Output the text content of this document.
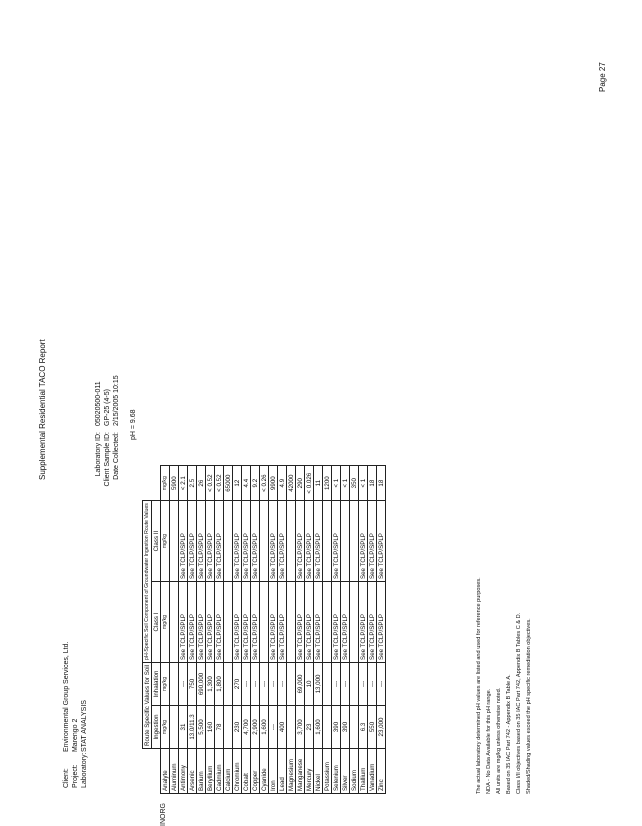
Supplemental Residential TACO Report
Page 27
Client: Environmental Group Services, Ltd.
Project: Marengo 2
Laboratory: STAT ANALYSIS
Laboratory ID:05020500-011
Client Sample ID:GP-25 (4-5)
Date Collected:2/15/2005 10:15 pH = 9.68
	Route Specific Values for Soil		pH-Specific Soil Component of Groundwater Ingestion Route Values		
	Ingestion	Inhalation	Class I	Class II	
Analyte	mg/kg	mg/kg	mg/kg	mg/kg	mg/kg
Aluminum					5900
Antimony	31	---	See TCLP/SPLP	See TCLP/SPLP	< 2.1
Arsenic	13.0/11.3	750	See TCLP/SPLP	See TCLP/SPLP	2.5
Barium	5,500	690,000	See TCLP/SPLP	See TCLP/SPLP	26
Beryllium	160	1,300	See TCLP/SPLP	See TCLP/SPLP	< 0.52
Cadmium	78	1,800	See TCLP/SPLP	See TCLP/SPLP	< 0.52
Calcium					65000
Chromium	230	270	See TCLP/SPLP	See TCLP/SPLP	12
Cobalt	4,700	---	See TCLP/SPLP	See TCLP/SPLP	4.4
Copper	2,900	---	See TCLP/SPLP	See TCLP/SPLP	9.2
Cyanide	1,600	---			< 0.26
Iron	---	---	See TCLP/SPLP	See TCLP/SPLP	9900
Lead	400	---	See TCLP/SPLP	See TCLP/SPLP	4.9
Magnesium					42000
Manganese	3,700	69,000	See TCLP/SPLP	See TCLP/SPLP	290
Mercury	23	10	See TCLP/SPLP	See TCLP/SPLP	< 0.026
Nickel	1,600	13,000	See TCLP/SPLP	See TCLP/SPLP	11
Potassium					1200
Selenium	390	---	See TCLP/SPLP	See TCLP/SPLP	< 1
Silver	390	---	See TCLP/SPLP		< 1
Sodium					350
Thallium	6.3	---	See TCLP/SPLP	See TCLP/SPLP	< 1
Vanadium	550	---	See TCLP/SPLP	See TCLP/SPLP	18
Zinc	23,000	---	See TCLP/SPLP	See TCLP/SPLP	18
INORG
The actual laboratory determined pH values are listed and used for reference purposes. NDA - No Data Available for this pH range. All units are mg/kg unless otherwise noted. Based on 35 IAC Part 742 - Appendix B Table A. Class I/II objectives based on 35 IAC Part 742, Appendix B Tables C & D. Shaded/Shading values exceed the pH specific remediation objectives.
